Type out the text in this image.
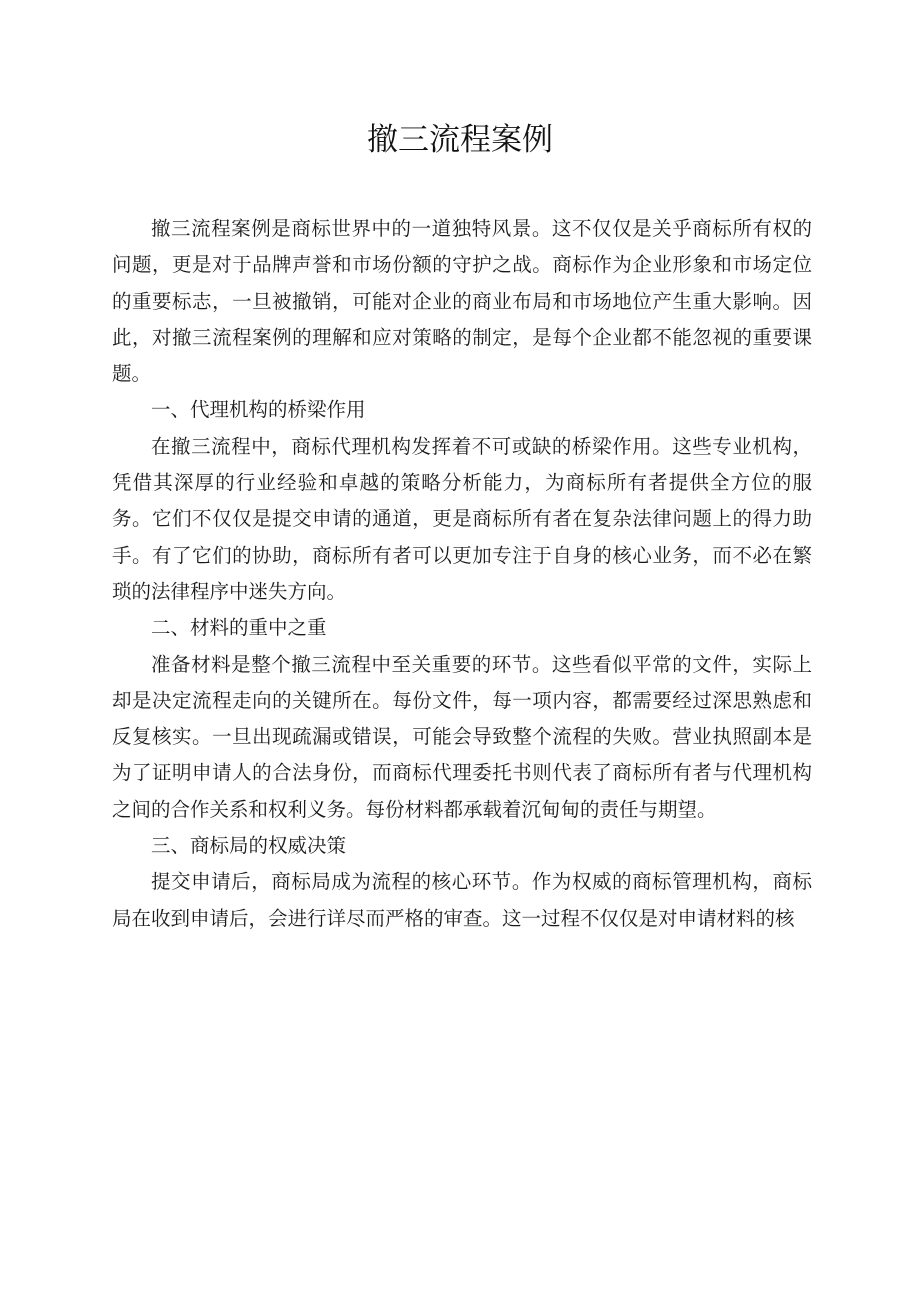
撤三流程案例

撤三流程案例是商标世界中的一道独特风景。这不仅仅是关乎商标所有权的问题，更是对于品牌声誉和市场份额的守护之战。商标作为企业形象和市场定位的重要标志，一旦被撤销，可能对企业的商业布局和市场地位产生重大影响。因此，对撤三流程案例的理解和应对策略的制定，是每个企业都不能忽视的重要课题。

一、代理机构的桥梁作用

在撤三流程中，商标代理机构发挥着不可或缺的桥梁作用。这些专业机构，凭借其深厚的行业经验和卓越的策略分析能力，为商标所有者提供全方位的服务。它们不仅仅是提交申请的通道，更是商标所有者在复杂法律问题上的得力助手。有了它们的协助，商标所有者可以更加专注于自身的核心业务，而不必在繁琐的法律程序中迷失方向。

二、材料的重中之重

准备材料是整个撤三流程中至关重要的环节。这些看似平常的文件，实际上却是决定流程走向的关键所在。每份文件，每一项内容，都需要经过深思熟虑和反复核实。一旦出现疏漏或错误，可能会导致整个流程的失败。营业执照副本是为了证明申请人的合法身份，而商标代理委托书则代表了商标所有者与代理机构之间的合作关系和权利义务。每份材料都承载着沉甸甸的责任与期望。

三、商标局的权威决策

提交申请后，商标局成为流程的核心环节。作为权威的商标管理机构，商标局在收到申请后，会进行详尽而严格的审查。这一过程不仅仅是对申请材料的核
